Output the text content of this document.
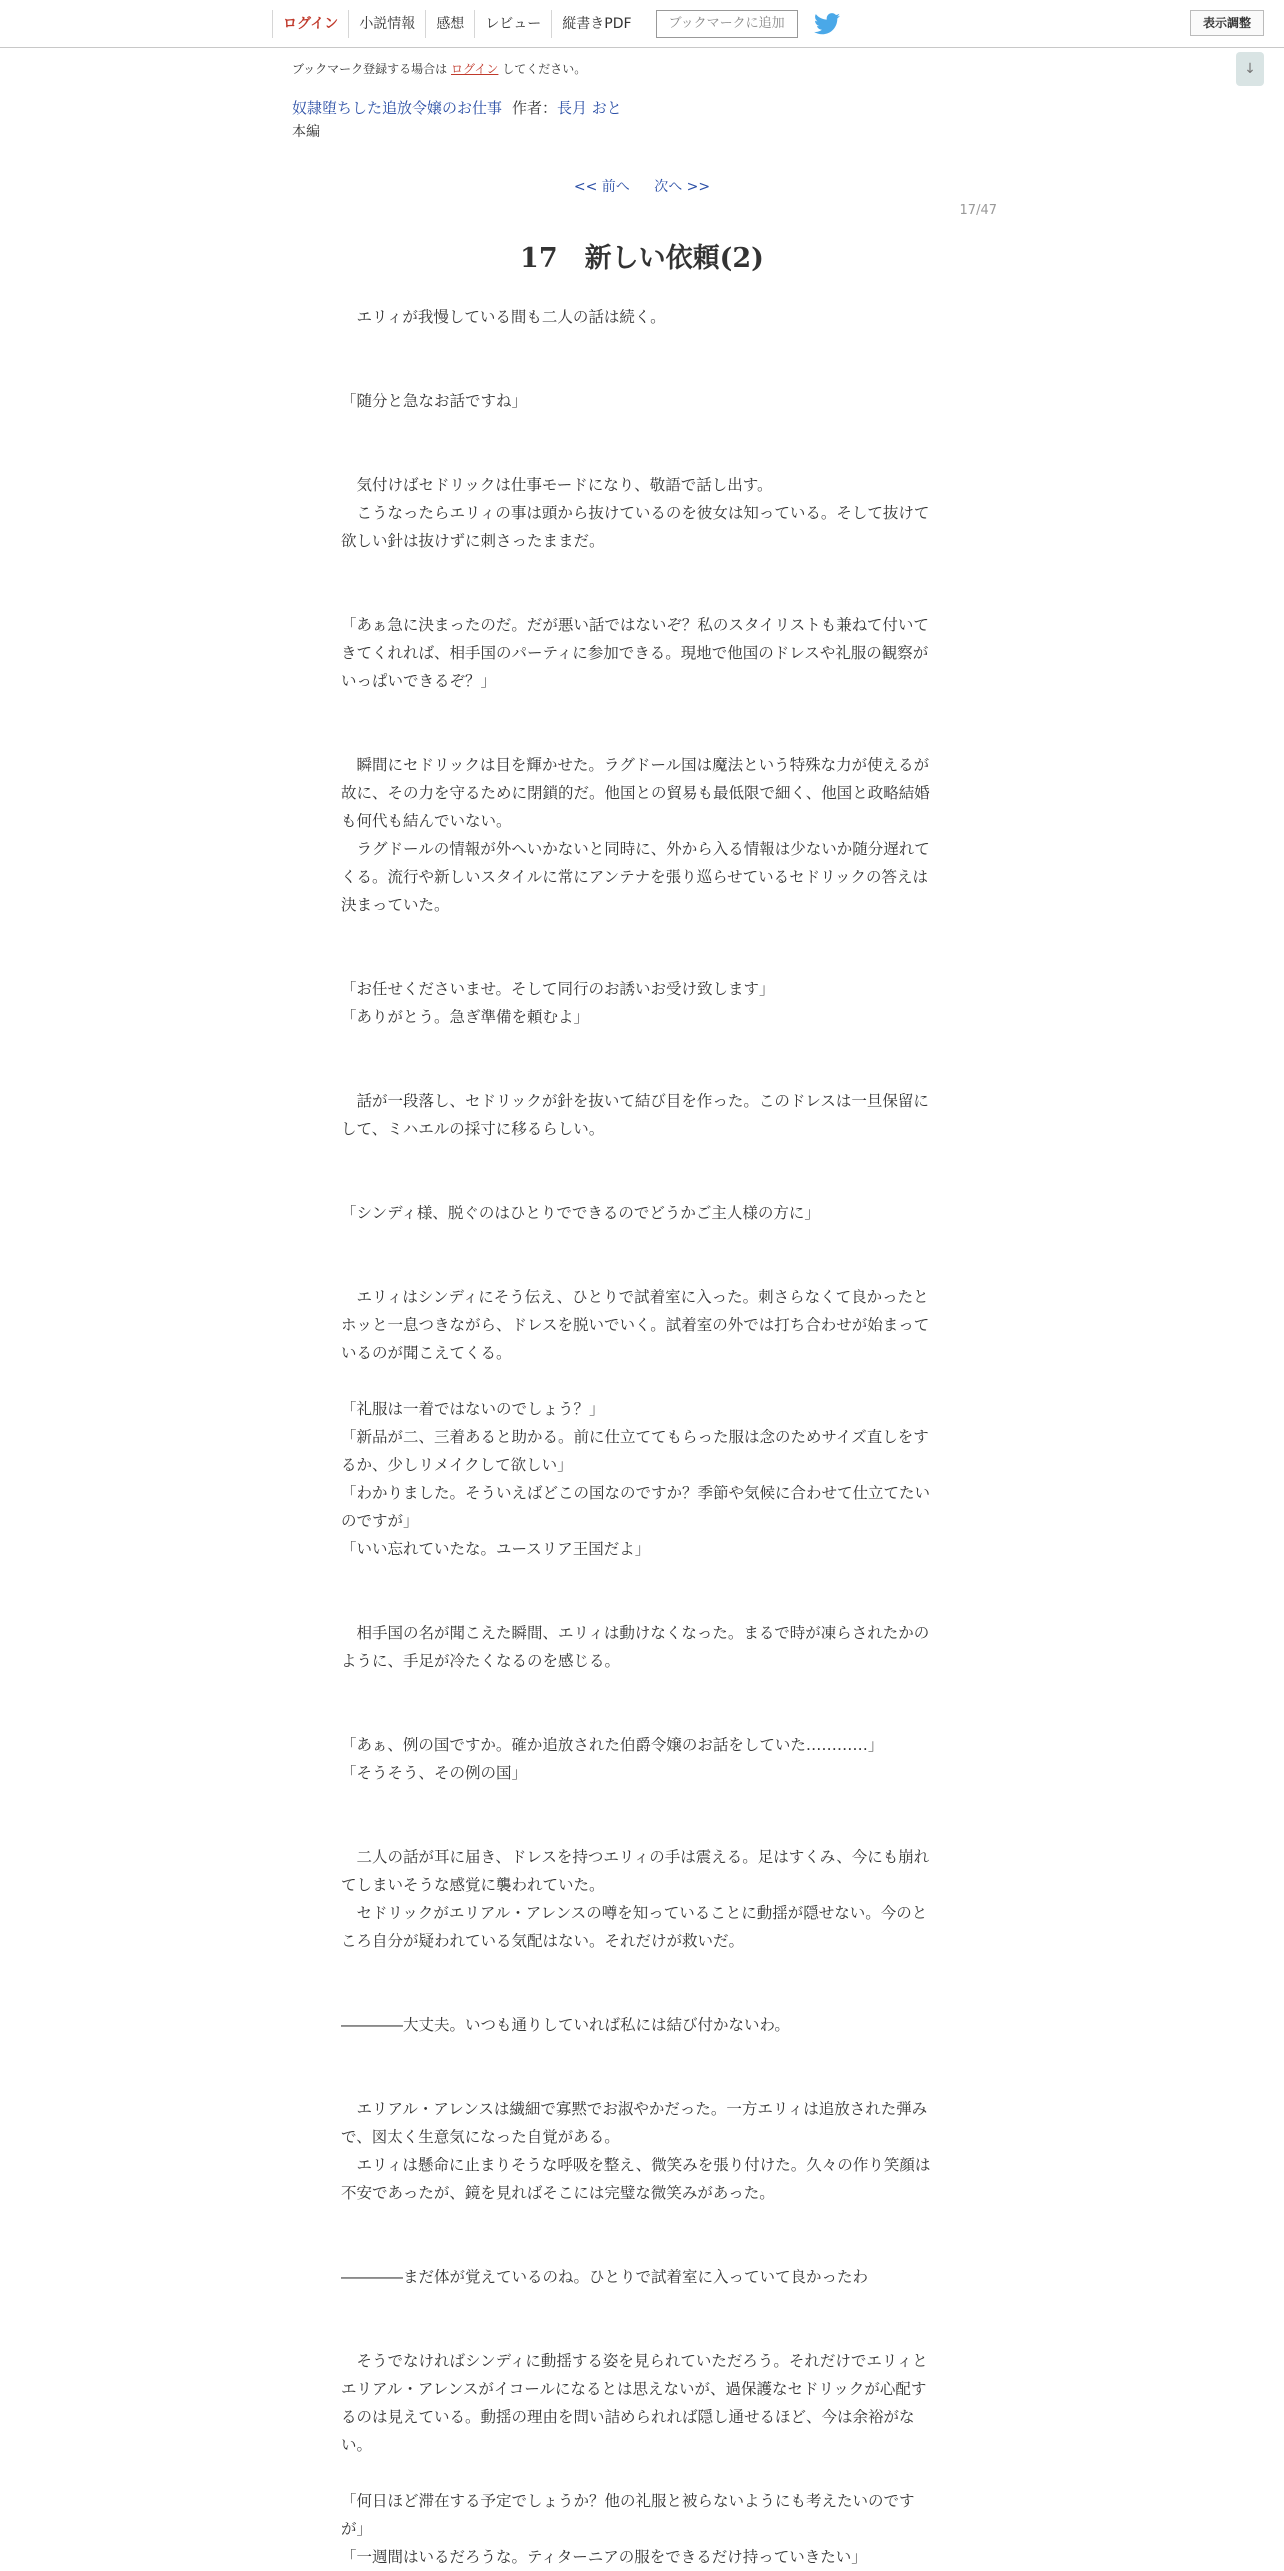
ログイン	小説情報	感想	レビュー	縦書きPDF	ブックマークに追加	表示調整
↓
ブックマーク登録する場合は ログイン してください。
奴隷堕ちした追放令嬢のお仕事 作者：長月 おと
本編
<< 前へ 次へ >>
17/47
17　新しい依頼(2)

　エリィが我慢している間も二人の話は続く。

「随分と急なお話ですね」

　気付けばセドリックは仕事モードになり、敬語で話し出す。

　こうなったらエリィの事は頭から抜けているのを彼女は知っている。そして抜けて欲しい針は抜けずに刺さったままだ。

「あぁ急に決まったのだ。だが悪い話ではないぞ？私のスタイリストも兼ねて付いてきてくれれば、相手国のパーティに参加できる。現地で他国のドレスや礼服の観察がいっぱいできるぞ？」

　瞬間にセドリックは目を輝かせた。ラグドール国は魔法という特殊な力が使えるが故に、その力を守るために閉鎖的だ。他国との貿易も最低限で細く、他国と政略結婚も何代も結んでいない。

　ラグドールの情報が外へいかないと同時に、外から入る情報は少ないか随分遅れてくる。流行や新しいスタイルに常にアンテナを張り巡らせているセドリックの答えは決まっていた。

「お任せくださいませ。そして同行のお誘いお受け致します」

「ありがとう。急ぎ準備を頼むよ」

　話が一段落し、セドリックが針を抜いて結び目を作った。このドレスは一旦保留にして、ミハエルの採寸に移るらしい。

「シンディ様、脱ぐのはひとりでできるのでどうかご主人様の方に」

　エリィはシンディにそう伝え、ひとりで試着室に入った。刺さらなくて良かったとホッと一息つきながら、ドレスを脱いでいく。試着室の外では打ち合わせが始まっているのが聞こえてくる。

「礼服は一着ではないのでしょう？」

「新品が二、三着あると助かる。前に仕立ててもらった服は念のためサイズ直しをするか、少しリメイクして欲しい」

「わかりました。そういえばどこの国なのですか？季節や気候に合わせて仕立てたいのですが」

「いい忘れていたな。ユースリア王国だよ」

　相手国の名が聞こえた瞬間、エリィは動けなくなった。まるで時が凍らされたかのように、手足が冷たくなるのを感じる。

「あぁ、例の国ですか。確か追放された伯爵令嬢のお話をしていた…………」

「そうそう、その例の国」

　二人の話が耳に届き、ドレスを持つエリィの手は震える。足はすくみ、今にも崩れてしまいそうな感覚に襲われていた。

　セドリックがエリアル・アレンスの噂を知っていることに動揺が隠せない。今のところ自分が疑われている気配はない。それだけが救いだ。

――――大丈夫。いつも通りしていれば私には結び付かないわ。

　エリアル・アレンスは繊細で寡黙でお淑やかだった。一方エリィは追放された弾みで、図太く生意気になった自覚がある。

　エリィは懸命に止まりそうな呼吸を整え、微笑みを張り付けた。久々の作り笑顔は不安であったが、鏡を見ればそこには完璧な微笑みがあった。

――――まだ体が覚えているのね。ひとりで試着室に入っていて良かったわ

　そうでなければシンディに動揺する姿を見られていただろう。それだけでエリィとエリアル・アレンスがイコールになるとは思えないが、過保護なセドリックが心配するのは見えている。動揺の理由を問い詰められれば隠し通せるほど、今は余裕がない。

「何日ほど滞在する予定でしょうか？他の礼服と被らないようにも考えたいのですが」

「一週間はいるだろうな。ティターニアの服をできるだけ持っていきたい」
